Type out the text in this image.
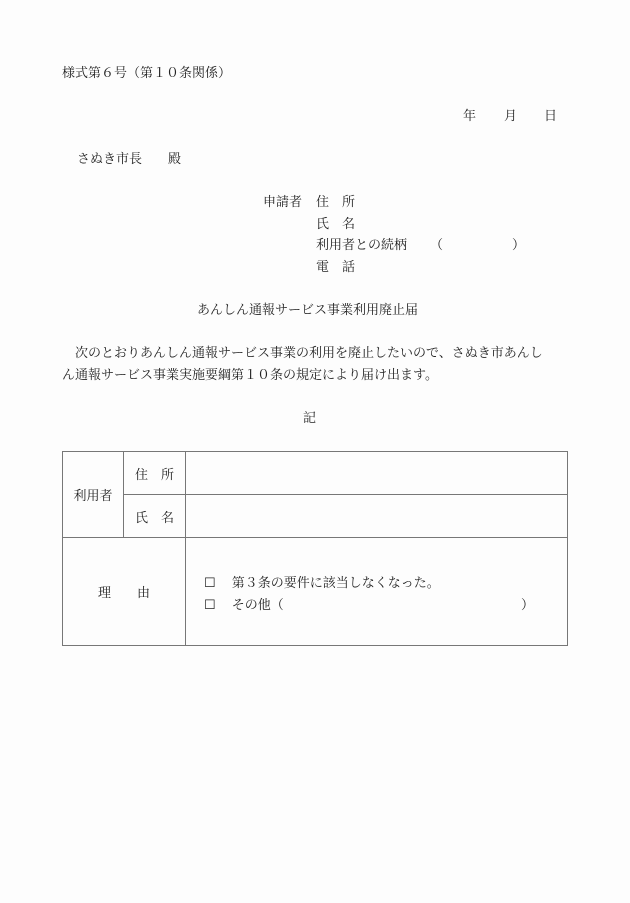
様式第６号（第１０条関係）
年 月 日
さぬき市長 殿
申請者 住　所
氏　名
利用者との続柄 （	）
電　話
あんしん通報サービス事業利用廃止届
　次のとおりあんしん通報サービス事業の利用を廃止したいので、さぬき市あんし
ん通報サービス事業実施要綱第１０条の規定により届け出ます。
記
利用者	住　所	
	氏　名	
理　　由		☐ 第３条の要件に該当しなくなった。
☐ その他（ ）
